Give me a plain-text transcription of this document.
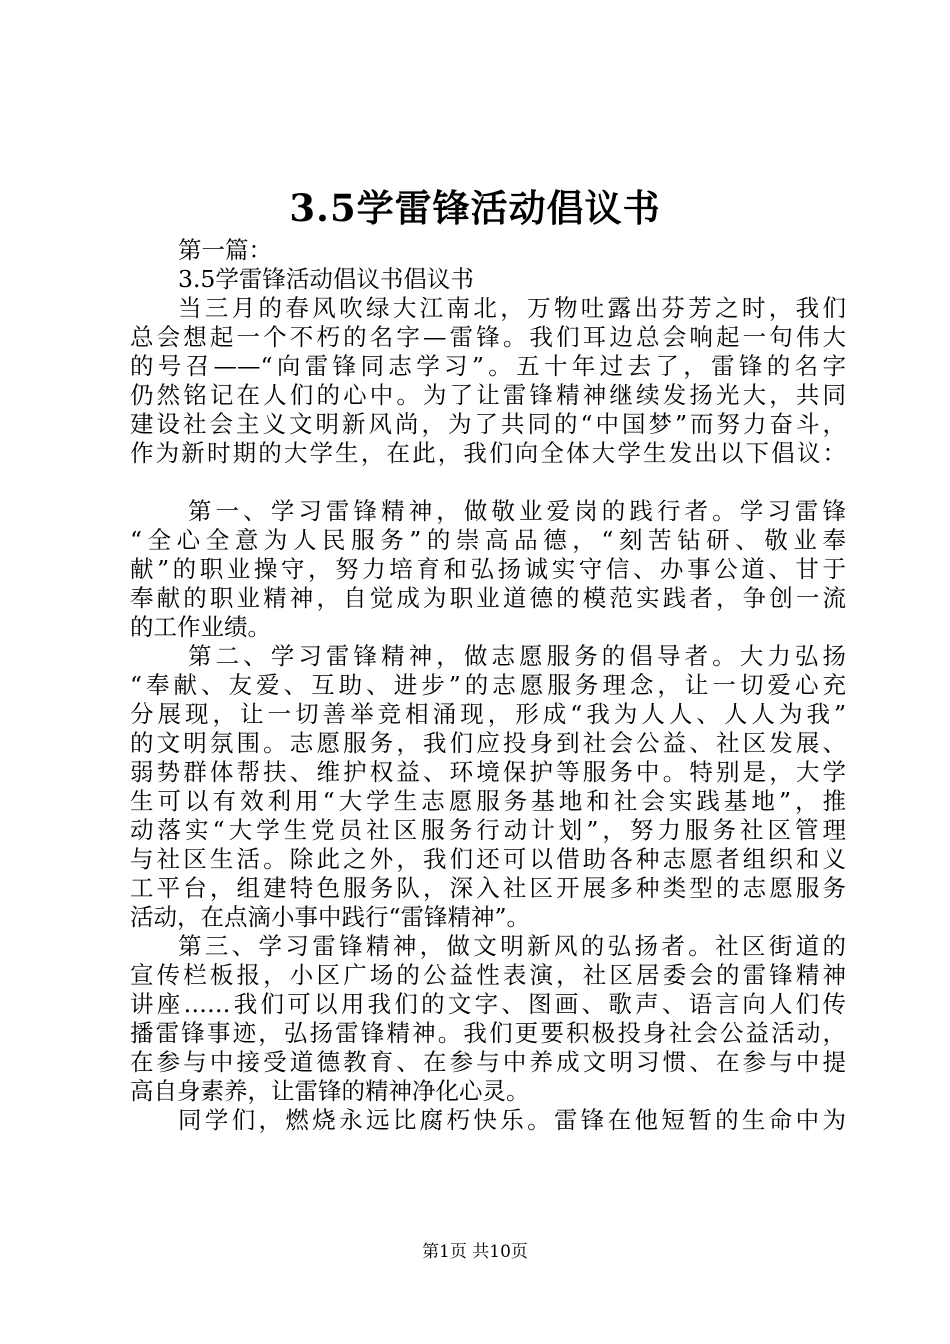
3.5学雷锋活动倡议书
第一篇：
3.5学雷锋活动倡议书倡议书
当三月的春风吹绿大江南北，万物吐露出芬芳之时，我们
总会想起一个不朽的名字—雷锋。我们耳边总会响起一句伟大
的号召——“向雷锋同志学习”。五十年过去了，雷锋的名字
仍然铭记在人们的心中。为了让雷锋精神继续发扬光大，共同
建设社会主义文明新风尚，为了共同的“中国梦”而努力奋斗，
作为新时期的大学生，在此，我们向全体大学生发出以下倡议：
第一、学习雷锋精神，做敬业爱岗的践行者。学习雷锋
“全心全意为人民服务”的崇高品德，“刻苦钻研、敬业奉
献”的职业操守，努力培育和弘扬诚实守信、办事公道、甘于
奉献的职业精神，自觉成为职业道德的模范实践者，争创一流
的工作业绩。
第二、学习雷锋精神，做志愿服务的倡导者。大力弘扬
“奉献、友爱、互助、进步”的志愿服务理念，让一切爱心充
分展现，让一切善举竞相涌现，形成“我为人人、人人为我”
的文明氛围。志愿服务，我们应投身到社会公益、社区发展、
弱势群体帮扶、维护权益、环境保护等服务中。特别是，大学
生可以有效利用“大学生志愿服务基地和社会实践基地”，推
动落实“大学生党员社区服务行动计划”，努力服务社区管理
与社区生活。除此之外，我们还可以借助各种志愿者组织和义
工平台，组建特色服务队，深入社区开展多种类型的志愿服务
活动，在点滴小事中践行“雷锋精神”。
第三、学习雷锋精神，做文明新风的弘扬者。社区街道的
宣传栏板报，小区广场的公益性表演，社区居委会的雷锋精神
讲座……我们可以用我们的文字、图画、歌声、语言向人们传
播雷锋事迹，弘扬雷锋精神。我们更要积极投身社会公益活动，
在参与中接受道德教育、在参与中养成文明习惯、在参与中提
高自身素养，让雷锋的精神净化心灵。
同学们，燃烧永远比腐朽快乐。雷锋在他短暂的生命中为
第1页 共10页
